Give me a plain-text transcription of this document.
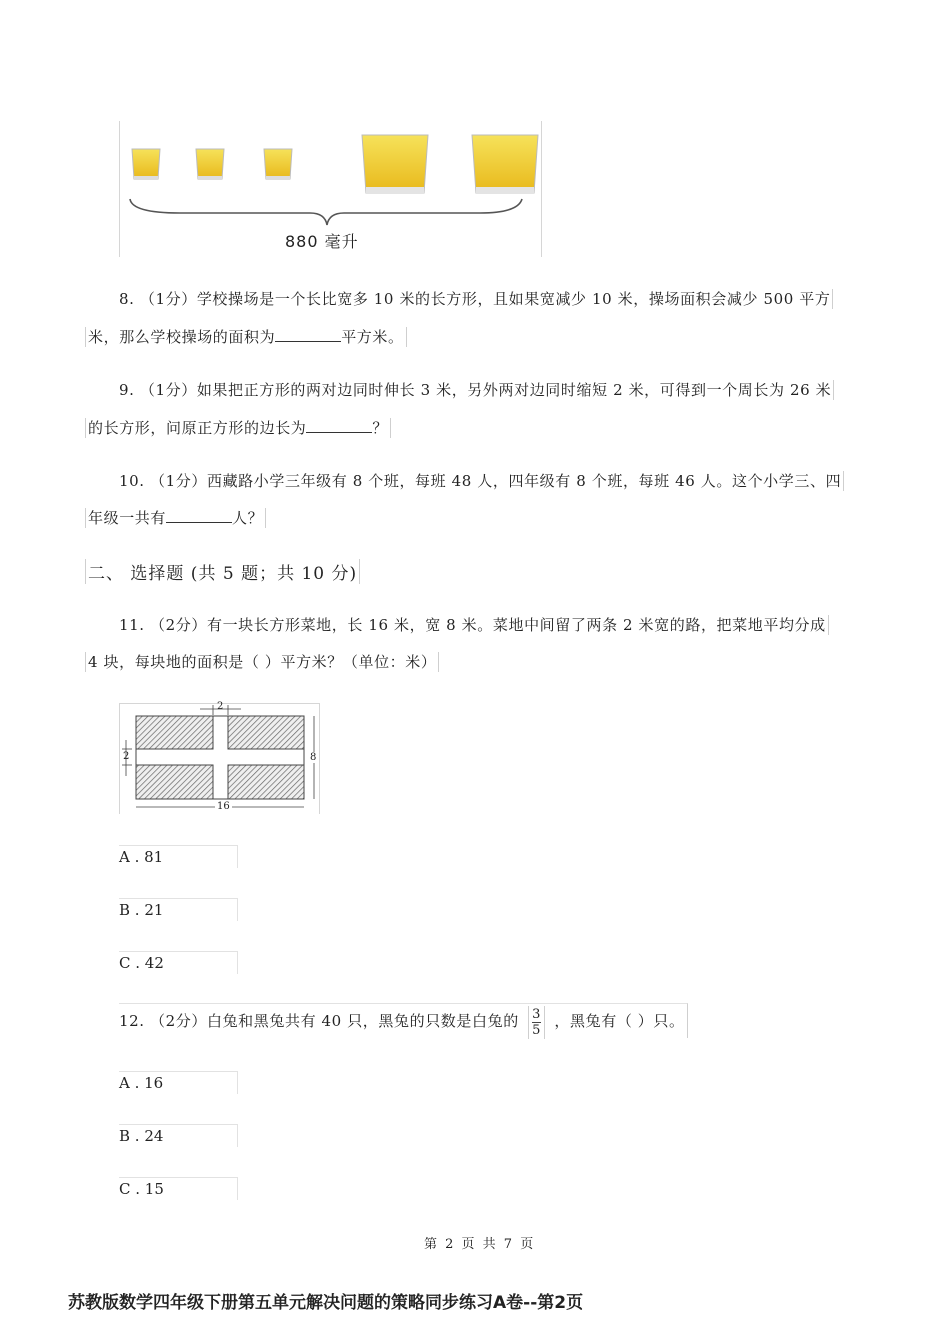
880 毫升
8. （1分）学校操场是一个长比宽多 10 米的长方形，且如果宽减少 10 米，操场面积会减少 500 平方
米，那么学校操场的面积为	平方米。
9. （1分）如果把正方形的两对边同时伸长 3 米，另外两对边同时缩短 2 米，可得到一个周长为 26 米
的长方形，问原正方形的边长为	？
10. （1分）西藏路小学三年级有 8 个班，每班 48 人，四年级有 8 个班，每班 46 人。这个小学三、四
年级一共有	人？
二、 选择题 (共 5 题；共 10 分)
11. （2分）有一块长方形菜地，长 16 米，宽 8 米。菜地中间留了两条 2 米宽的路，把菜地平均分成
4 块，每块地的面积是（ ）平方米？（单位：米）
2
2	8
16
A . 81
B . 21
C . 42
12. （2分）白兔和黑兔共有 40 只，黑兔的只数是白兔的 $\frac{3}{5}$ ，黑兔有（ ）只。
A . 16
B . 24
C . 15
第 2 页 共 7 页
苏教版数学四年级下册第五单元解决问题的策略同步练习A卷--第2页
